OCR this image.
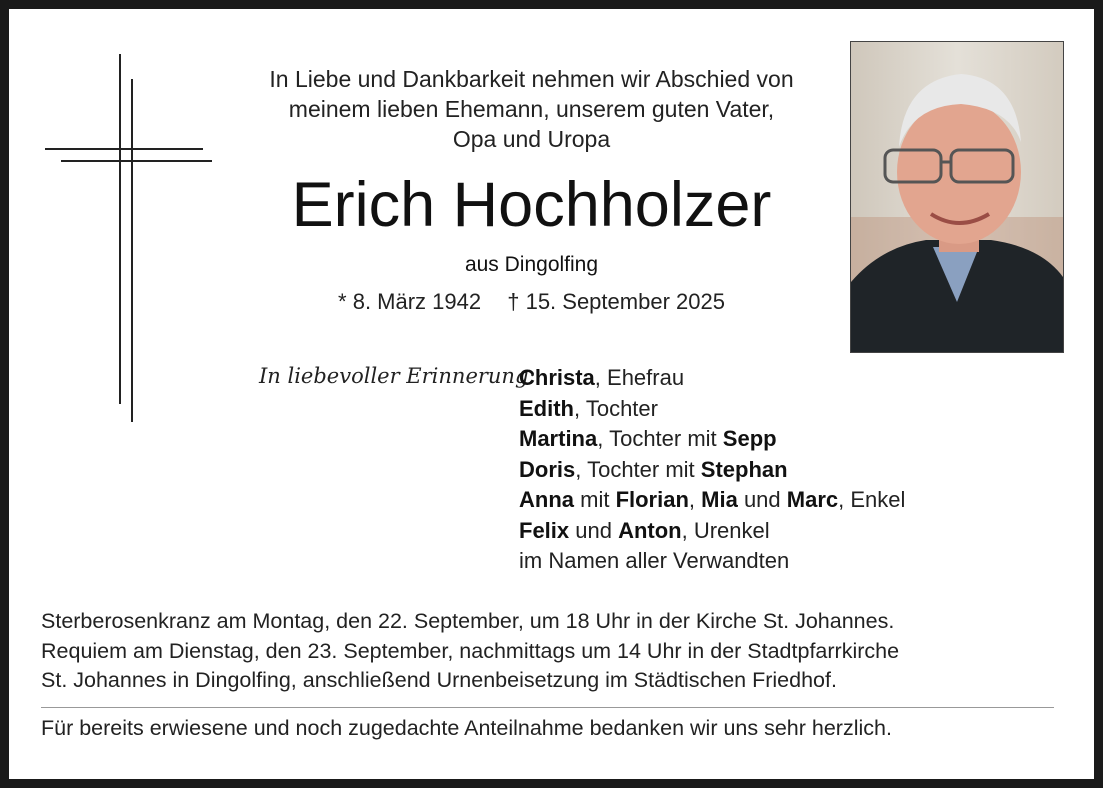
In Liebe und Dankbarkeit nehmen wir Abschied von
meinem lieben Ehemann, unserem guten Vater,
Opa und Uropa
Erich Hochholzer
aus Dingolfing
* 8. März 1942 † 15. September 2025
In liebevoller Erinnerung:
Christa, Ehefrau
Edith, Tochter
Martina, Tochter mit Sepp
Doris, Tochter mit Stephan
Anna mit Florian, Mia und Marc, Enkel
Felix und Anton, Urenkel
im Namen aller Verwandten
Sterberosenkranz am Montag, den 22. September, um 18 Uhr in der Kirche St. Johannes.
Requiem am Dienstag, den 23. September, nachmittags um 14 Uhr in der Stadtpfarrkirche
St. Johannes in Dingolfing, anschließend Urnenbeisetzung im Städtischen Friedhof.
Für bereits erwiesene und noch zugedachte Anteilnahme bedanken wir uns sehr herzlich.
